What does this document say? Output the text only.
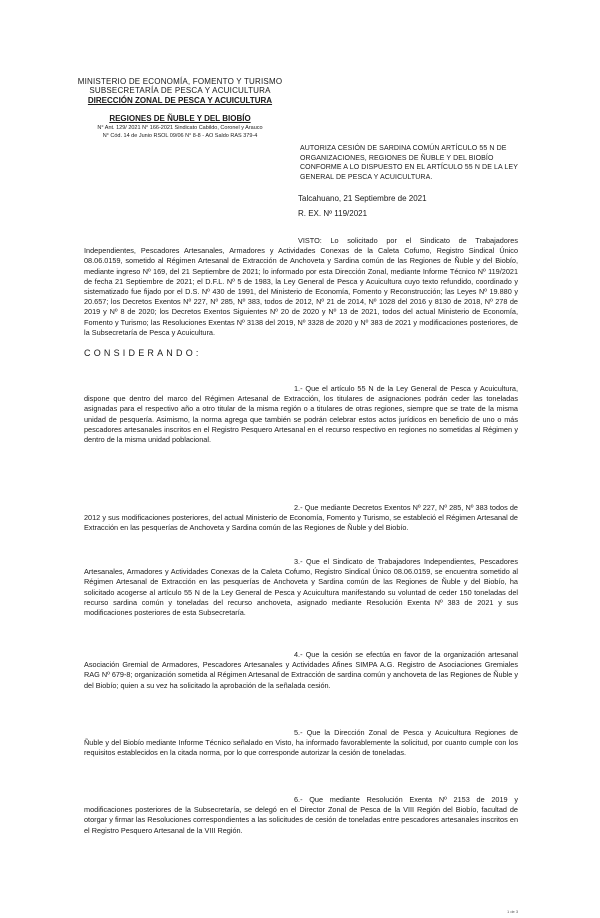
MINISTERIO DE ECONOMÍA, FOMENTO Y TURISMO
SUBSECRETARÍA DE PESCA Y ACUICULTURA
DIRECCIÓN ZONAL DE PESCA Y ACUICULTURA
REGIONES DE ÑUBLE Y DEL BIOBÍO
N° Ant. 129/ 2021 N° 166-2021 Sindicato Cabildo, Coronel y Arauco
N° Cód. 14 de Junio RSOL 09/06 N° 8-8 - AO Saldo RAS 379-4
AUTORIZA CESIÓN DE SARDINA COMÚN ARTÍCULO 55 N DE ORGANIZACIONES, REGIONES DE ÑUBLE Y DEL BIOBÍO CONFORME A LO DISPUESTO EN EL ARTÍCULO 55 N DE LA LEY GENERAL DE PESCA Y ACUICULTURA.
Talcahuano, 21 Septiembre de 2021
R. EX. Nº 119/2021
VISTO: Lo solicitado por el Sindicato de Trabajadores Independientes, Pescadores Artesanales, Armadores y Actividades Conexas de la Caleta Cofumo, Registro Sindical Único 08.06.0159, sometido al Régimen Artesanal de Extracción de Anchoveta y Sardina común de las Regiones de Ñuble y del Biobío, mediante ingreso Nº 169, del 21 Septiembre de 2021; lo informado por esta Dirección Zonal, mediante Informe Técnico Nº 119/2021 de fecha 21 Septiembre de 2021; el D.F.L. Nº 5 de 1983, la Ley General de Pesca y Acuicultura cuyo texto refundido, coordinado y sistematizado fue fijado por el D.S. Nº 430 de 1991, del Ministerio de Economía, Fomento y Reconstrucción; las Leyes Nº 19.880 y 20.657; los Decretos Exentos Nº 227, Nº 285, Nº 383, todos de 2012, Nº 21 de 2014, Nº 1028 del 2016 y 8130 de 2018, Nº 278 de 2019 y Nº 8 de 2020; los Decretos Exentos Siguientes Nº 20 de 2020 y Nº 13 de 2021, todos del actual Ministerio de Economía, Fomento y Turismo; las Resoluciones Exentas Nº 3138 del 2019, Nº 3328 de 2020 y Nº 383 de 2021 y modificaciones posteriores, de la Subsecretaría de Pesca y Acuicultura.
CONSIDERANDO:
1.- Que el artículo 55 N de la Ley General de Pesca y Acuicultura, dispone que dentro del marco del Régimen Artesanal de Extracción, los titulares de asignaciones podrán ceder las toneladas asignadas para el respectivo año a otro titular de la misma región o a titulares de otras regiones, siempre que se trate de la misma unidad de pesquería. Asimismo, la norma agrega que también se podrán celebrar estos actos jurídicos en beneficio de uno o más pescadores artesanales inscritos en el Registro Pesquero Artesanal en el recurso respectivo en regiones no sometidas al Régimen y dentro de la misma unidad poblacional.
2.- Que mediante Decretos Exentos Nº 227, Nº 285, Nº 383 todos de 2012 y sus modificaciones posteriores, del actual Ministerio de Economía, Fomento y Turismo, se estableció el Régimen Artesanal de Extracción en las pesquerías de Anchoveta y Sardina común de las Regiones de Ñuble y del Biobío.
3.- Que el Sindicato de Trabajadores Independientes, Pescadores Artesanales, Armadores y Actividades Conexas de la Caleta Cofumo, Registro Sindical Único 08.06.0159, se encuentra sometido al Régimen Artesanal de Extracción en las pesquerías de Anchoveta y Sardina común de las Regiones de Ñuble y del Biobío, ha solicitado acogerse al artículo 55 N de la Ley General de Pesca y Acuicultura manifestando su voluntad de ceder 150 toneladas del recurso sardina común y toneladas del recurso anchoveta, asignado mediante Resolución Exenta Nº 383 de 2021 y sus modificaciones posteriores de esta Subsecretaría.
4.- Que la cesión se efectúa en favor de la organización artesanal Asociación Gremial de Armadores, Pescadores Artesanales y Actividades Afines SIMPA A.G. Registro de Asociaciones Gremiales RAG Nº 679-8; organización sometida al Régimen Artesanal de Extracción de sardina común y anchoveta de las Regiones de Ñuble y del Biobío; quien a su vez ha solicitado la aprobación de la señalada cesión.
5.- Que la Dirección Zonal de Pesca y Acuicultura Regiones de Ñuble y del Biobío mediante Informe Técnico señalado en Visto, ha informado favorablemente la solicitud, por cuanto cumple con los requisitos establecidos en la citada norma, por lo que corresponde autorizar la cesión de toneladas.
6.- Que mediante Resolución Exenta Nº 2153 de 2019 y modificaciones posteriores de la Subsecretaría, se delegó en el Director Zonal de Pesca de la VIII Región del Biobío, facultad de otorgar y firmar las Resoluciones correspondientes a las solicitudes de cesión de toneladas entre pescadores artesanales inscritos en el Registro Pesquero Artesanal de la VIII Región.
1 de 3
